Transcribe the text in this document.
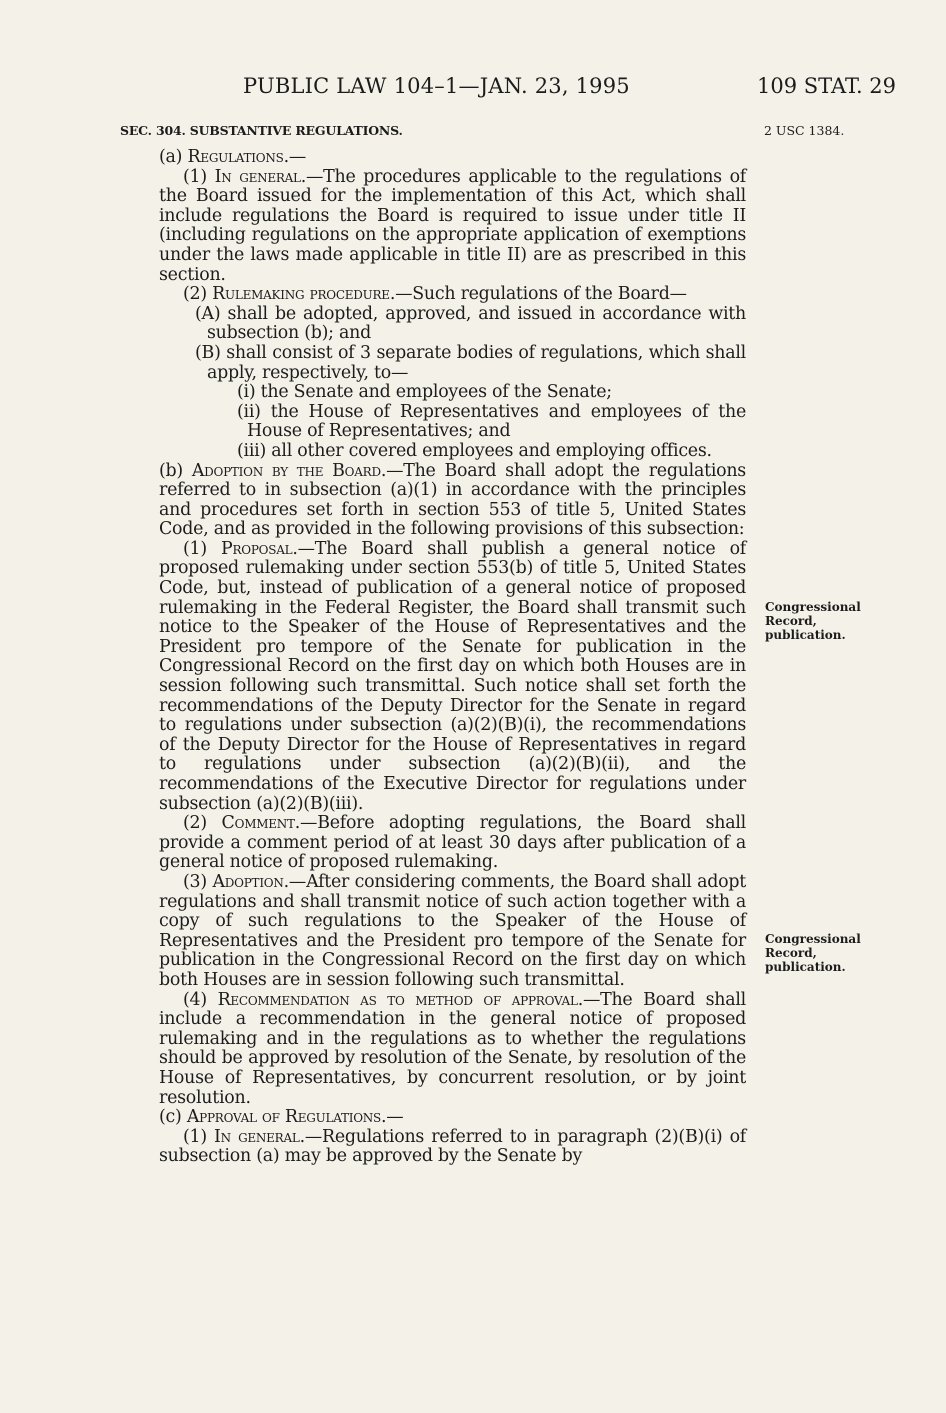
PUBLIC LAW 104–1—JAN. 23, 1995	109 STAT. 29
SEC. 304. SUBSTANTIVE REGULATIONS.	2 USC 1384.

(a) Regulations.—

(1) In general.—The procedures applicable to the regulations of the Board issued for the implementation of this Act, which shall include regulations the Board is required to issue under title II (including regulations on the appropriate application of exemptions under the laws made applicable in title II) are as prescribed in this section.

(2) Rulemaking procedure.—Such regulations of the Board—

(A) shall be adopted, approved, and issued in accordance with subsection (b); and

(B) shall consist of 3 separate bodies of regulations, which shall apply, respectively, to—

(i) the Senate and employees of the Senate;

(ii) the House of Representatives and employees of the House of Representatives; and

(iii) all other covered employees and employing offices.

(b) Adoption by the Board.—The Board shall adopt the regulations referred to in subsection (a)(1) in accordance with the principles and procedures set forth in section 553 of title 5, United States Code, and as provided in the following provisions of this subsection:

(1) Proposal.—The Board shall publish a general notice of proposed rulemaking under section 553(b) of title 5, United States Code, but, instead of publication of a general notice of proposed rulemaking in the Federal Register, the Board shall transmit such notice to the Speaker of the House of Representatives and the President pro tempore of the Senate for publication in the Congressional Record on the first day on which both Houses are in session following such transmittal. Such notice shall set forth the recommendations of the Deputy Director for the Senate in regard to regulations under subsection (a)(2)(B)(i), the recommendations of the Deputy Director for the House of Representatives in regard to regulations under subsection (a)(2)(B)(ii), and the recommendations of the Executive Director for regulations under subsection (a)(2)(B)(iii).

(2) Comment.—Before adopting regulations, the Board shall provide a comment period of at least 30 days after publication of a general notice of proposed rulemaking.

(3) Adoption.—After considering comments, the Board shall adopt regulations and shall transmit notice of such action together with a copy of such regulations to the Speaker of the House of Representatives and the President pro tempore of the Senate for publication in the Congressional Record on the first day on which both Houses are in session following such transmittal.

(4) Recommendation as to method of approval.—The Board shall include a recommendation in the general notice of proposed rulemaking and in the regulations as to whether the regulations should be approved by resolution of the Senate, by resolution of the House of Representatives, by concurrent resolution, or by joint resolution.

(c) Approval of Regulations.—

(1) In general.—Regulations referred to in paragraph (2)(B)(i) of subsection (a) may be approved by the Senate by

Congressional Record, publication.
Congressional Record, publication.
